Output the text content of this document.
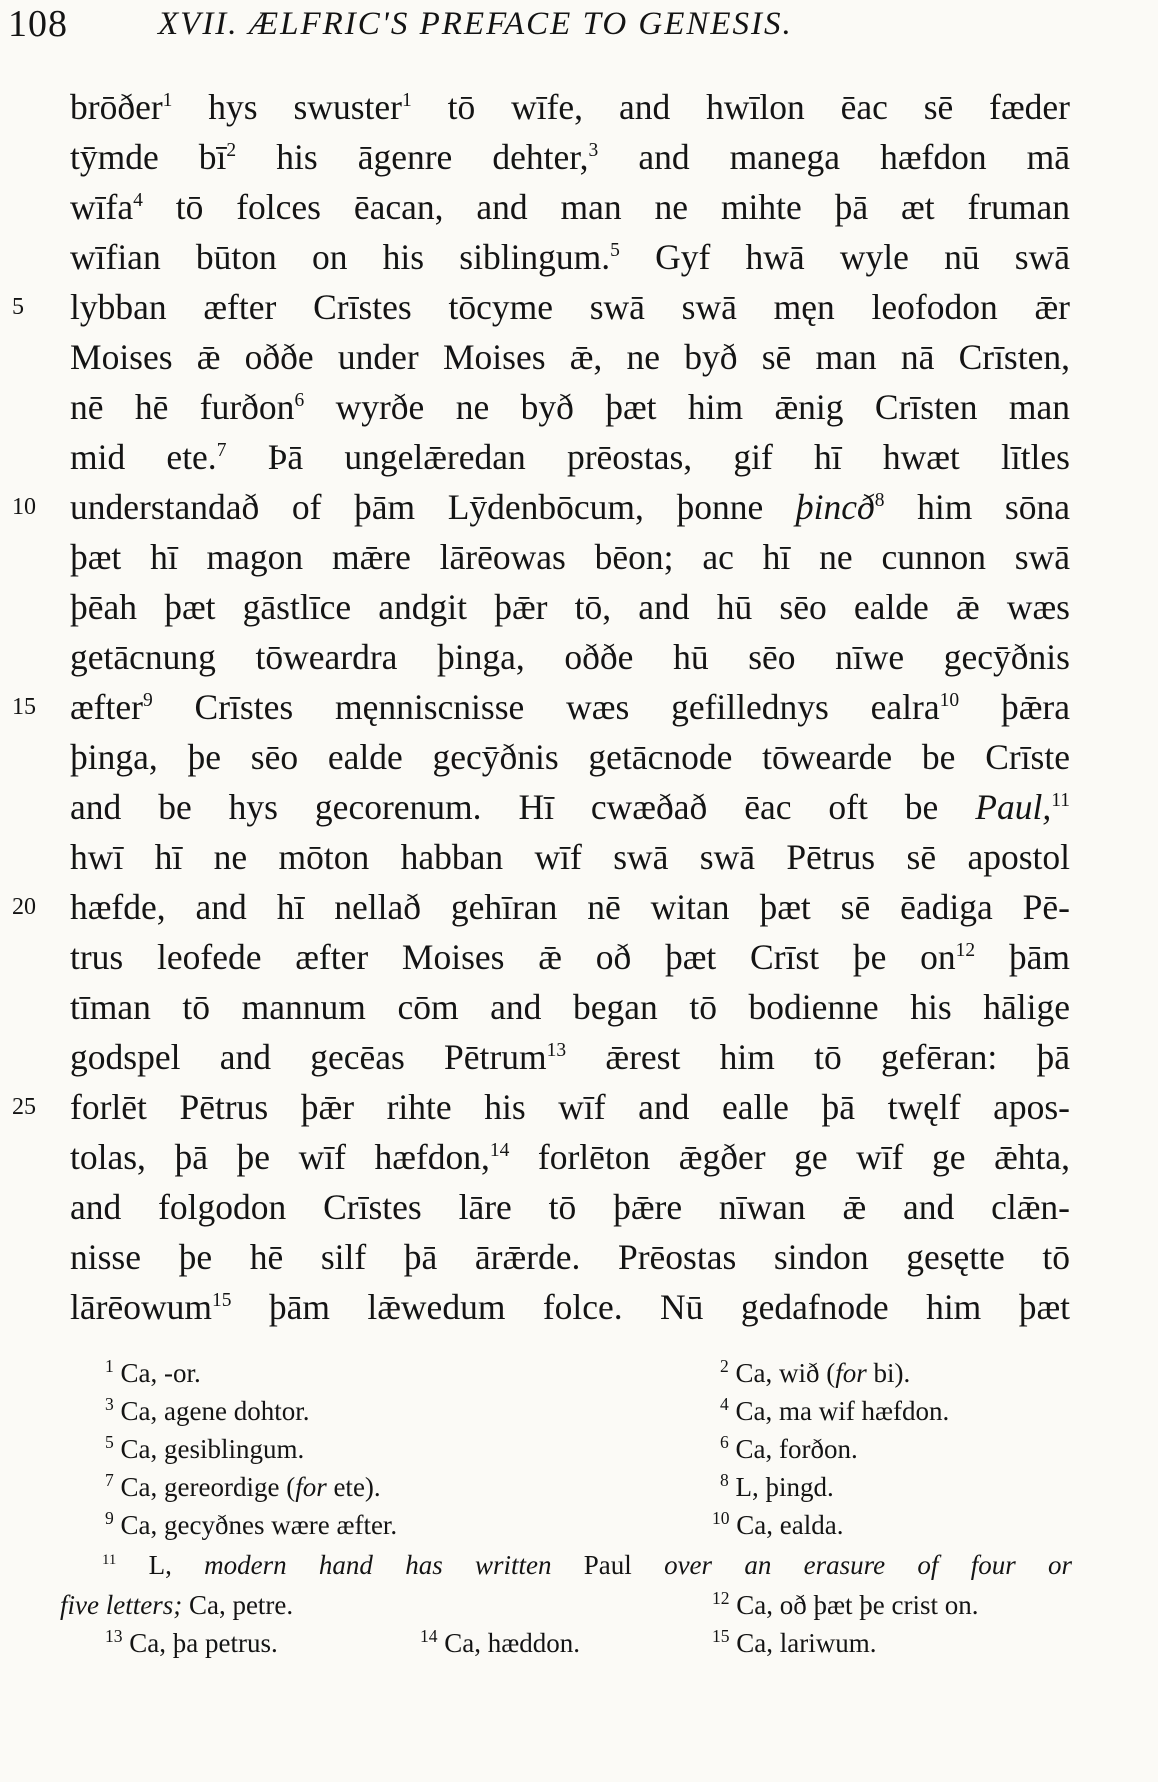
108	XVII. ÆLFRIC'S PREFACE TO GENESIS.
5
10
15
20
25
brōðer$^1$ hys swuster$^1$ tō wīfe, and hwīlon ēac sē fæder
tȳmde $bī^2$ his āgenre dehter,$^3$ and manega hæfdon mā
wīfa$^4$ tō folces ēacan, and man ne mihte þā æt fruman
wīfian būton on his siblingum.$^5$ Gyf hwā wyle nū swā
lybban æfter Crīstes tōcyme swā swā męn leofodon ǣr
Moises ǣ oððe under Moises ǣ, ne byð sē man nā Crīsten,
nē hē furðon$^6$ wyrðe ne byð þæt him ǣnig Crīsten man
mid ete.$^7$ Þā ungelǣredan prēostas, gif hī hwæt lītles
understandað of þām Lȳdenbōcum, þonne þincð$^8$ him sōna
þæt hī magon mǣre lārēowas bēon; ac hī ne cunnon swā
þēah þæt gāstlīce andgit þǣr tō, and hū sēo ealde ǣ wæs
getācnung tōweardra þinga, oððe hū sēo nīwe gecȳðnis
æfter$^9$ Crīstes męnniscnisse wæs gefillednys ealra$^{10}$ þǣra
þinga, þe sēo ealde gecȳðnis getācnode tōwearde be Crīste
and be hys gecorenum. Hī cwæðað ēac oft be Paul,$^{11}$
hwī hī ne mōton habban wīf swā swā Pētrus sē apostol
hæfde, and hī nellað gehīran nē witan þæt sē ēadiga Pē-
trus leofede æfter Moises ǣ oð þæt Crīst þe $on^{12}$ þām
tīman tō mannum cōm and began tō bodienne his hālige
godspel and gecēas Pētrum$^{13}$ ǣrest him tō gefēran: þā
forlēt Pētrus þǣr rihte his wīf and ealle þā twęlf apos-
tolas, þā þe wīf hæfdon,$^{14}$ forlēton ǣgðer ge wīf ge ǣhta,
and folgodon Crīstes lāre tō þǣre nīwan ǣ and clǣn-
nisse þe hē silf þā ārǣrde. Prēostas sindon gesętte tō
lārēowum$^{15}$ þām lǣwedum folce. Nū gedafnode him þæt
$^1$ Ca, -or.	$^2$ Ca, wið (for bi).
$^3$ Ca, agene dohtor.	$^4$ Ca, ma wif hæfdon.
$^5$ Ca, gesiblingum.	$^6$ Ca, forðon.
$^7$ Ca, gereordige (for ete).	$^8$ L, þingd.
$^9$ Ca, gecyðnes wære æfter.	$^{10}$ Ca, ealda.
$^{11}$ L, modern hand has written Paul over an erasure of four or
five letters; Ca, petre.	$^{12}$ Ca, oð þæt þe crist on.
$^{13}$ Ca, þa petrus.	$^{14}$ Ca, hæddon.	$^{15}$ Ca, lariwum.
